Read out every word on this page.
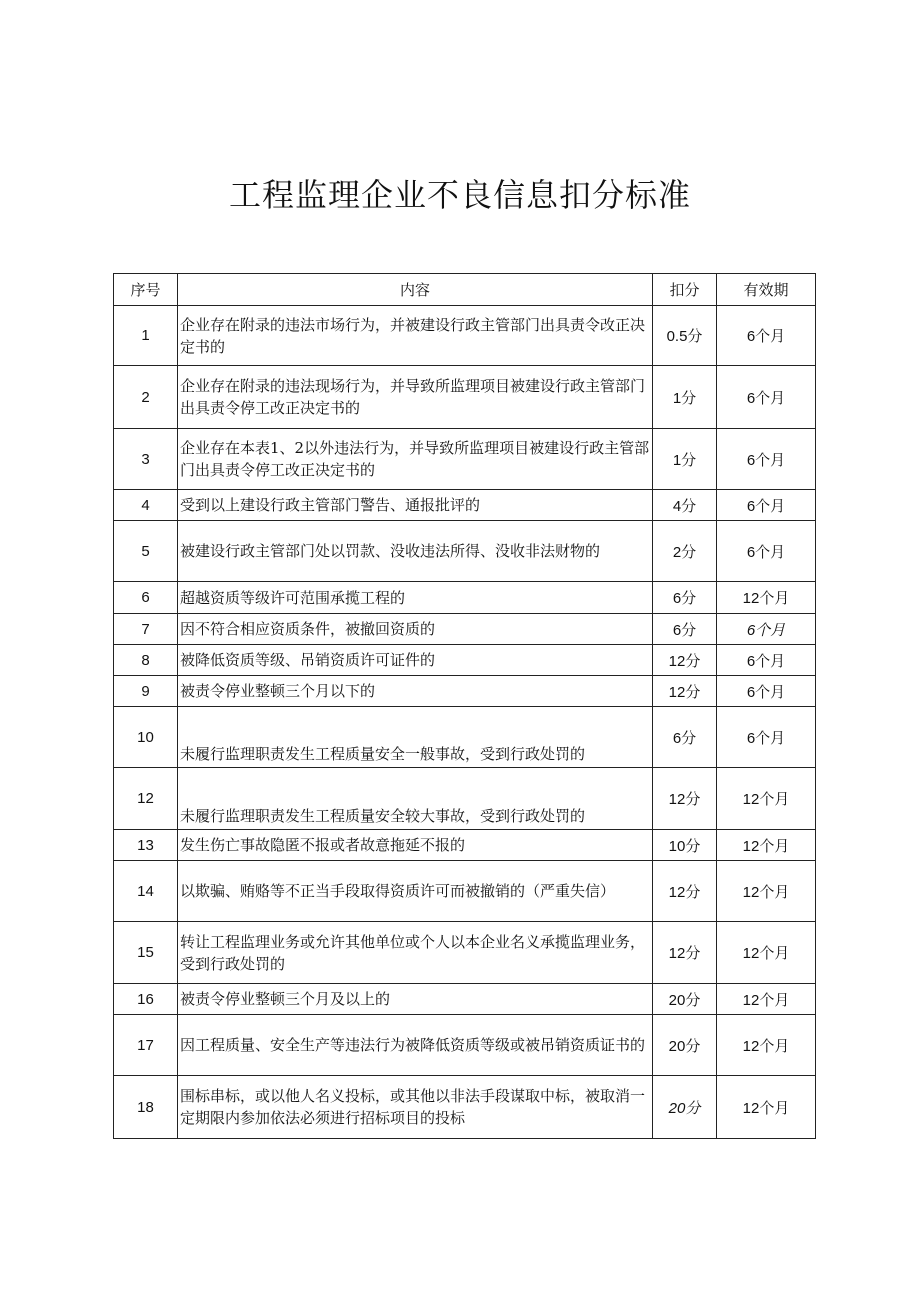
工程监理企业不良信息扣分标准
序号	内容	扣分	有效期
1	企业存在附录的违法市场行为，并被建设行政主管部门出具责令改正决定书的	0.5分	6个月
2	企业存在附录的违法现场行为，并导致所监理项目被建设行政主管部门出具责令停工改正决定书的	1分	6个月
3	企业存在本表1、2以外违法行为，并导致所监理项目被建设行政主管部门出具责令停工改正决定书的	1分	6个月
4	受到以上建设行政主管部门警告、通报批评的	4分	6个月
5	被建设行政主管部门处以罚款、没收违法所得、没收非法财物的	2分	6个月
6	超越资质等级许可范围承揽工程的	6分	12个月
7	因不符合相应资质条件，被撤回资质的	6分	6个月
8	被降低资质等级、吊销资质许可证件的	12分	6个月
9	被责令停业整顿三个月以下的	12分	6个月
10	未履行监理职责发生工程质量安全一般事故，受到行政处罚的	6分	6个月
12	未履行监理职责发生工程质量安全较大事故，受到行政处罚的	12分	12个月
13	发生伤亡事故隐匿不报或者故意拖延不报的	10分	12个月
14	以欺骗、贿赂等不正当手段取得资质许可而被撤销的（严重失信）	12分	12个月
15	转让工程监理业务或允许其他单位或个人以本企业名义承揽监理业务，受到行政处罚的	12分	12个月
16	被责令停业整顿三个月及以上的	20分	12个月
17	因工程质量、安全生产等违法行为被降低资质等级或被吊销资质证书的	20分	12个月
18	围标串标，或以他人名义投标，或其他以非法手段谋取中标，被取消一定期限内参加依法必须进行招标项目的投标	20分	12个月
